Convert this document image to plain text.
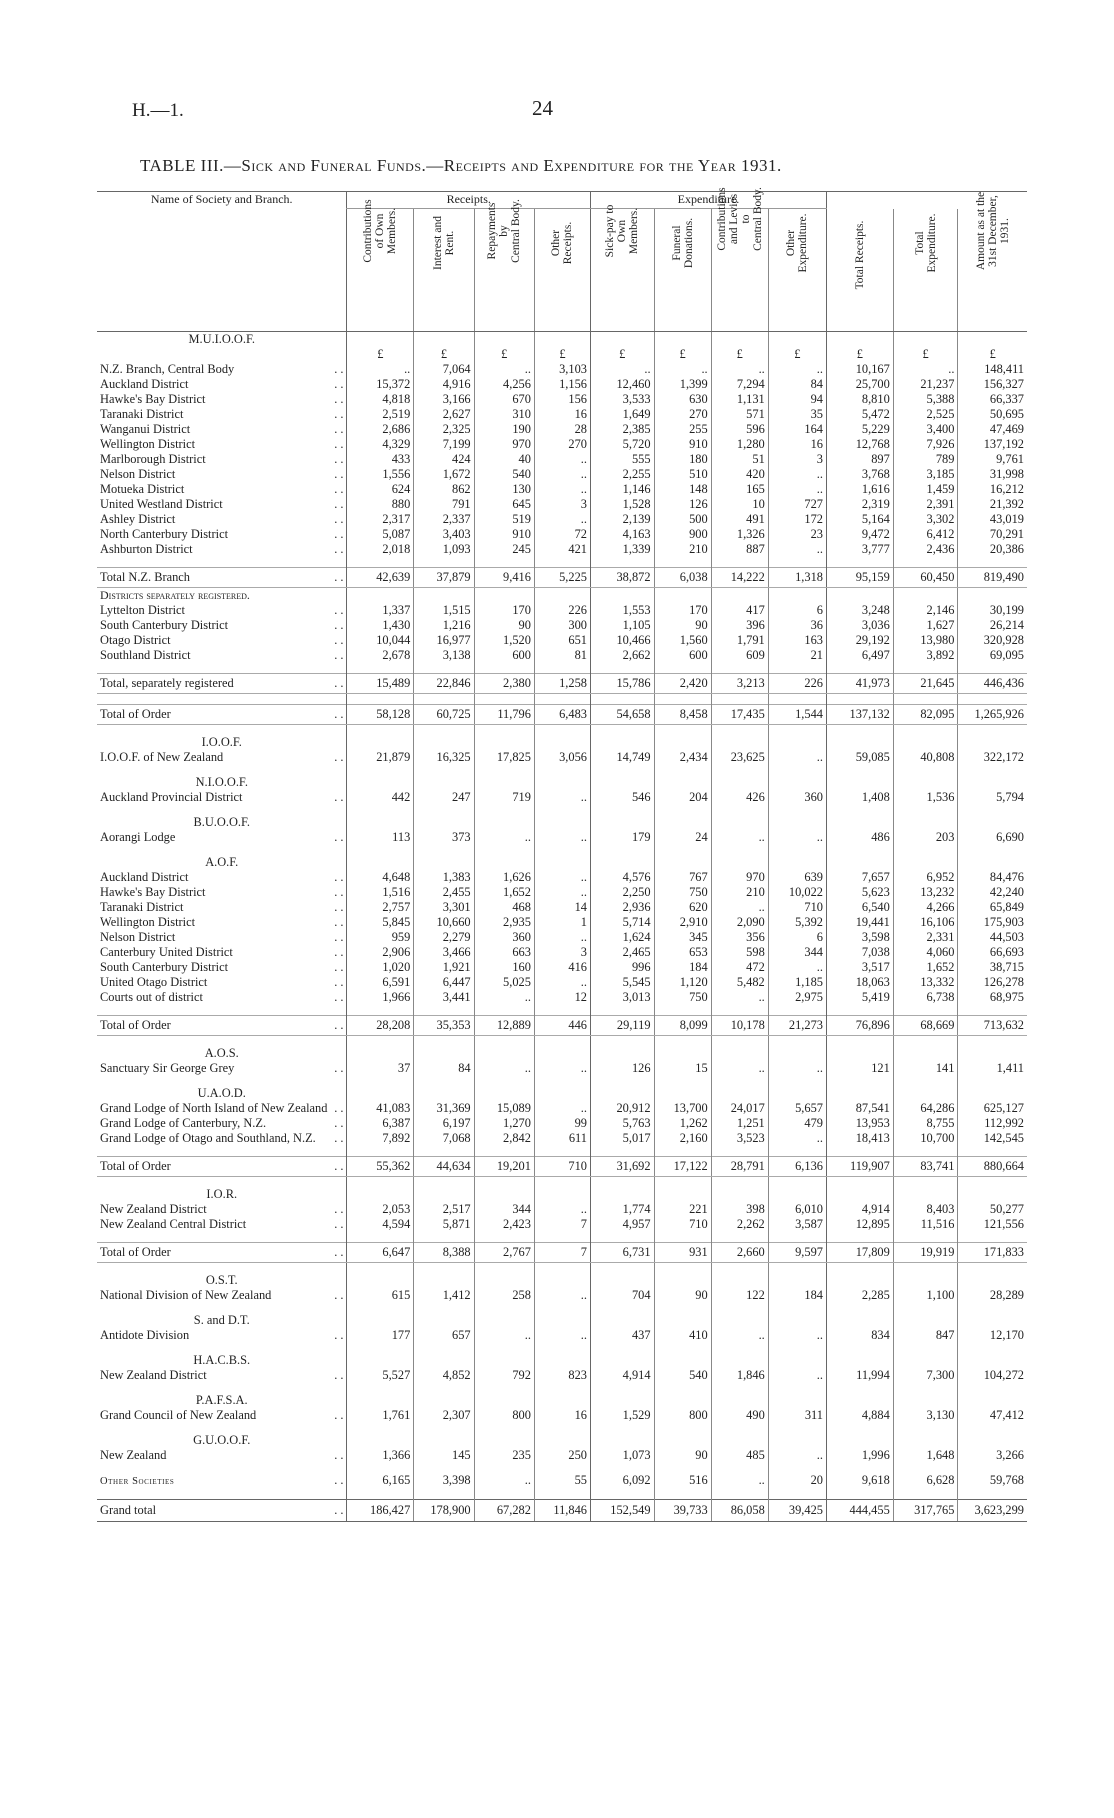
H.—1.	24
TABLE III.—Sick and Funeral Funds.—Receipts and Expenditure for the Year 1931.
Name of Society and Branch.	Receipts.				Expenditure.						

	Contributions
of Own
Members.	Interest and
Rent.	Repayments
by
Central Body.	Other
Receipts.	Sick-pay to
Own
Members.	Funeral
Donations.	Contributions
and Levies
to
Central Body.	Other
Expenditure.	Total Receipts.	Total
Expenditure.	Amount as at the
31st December,
1931.

M.U.I.O.O.F.											
	£	£	£	£	£	£	£	£	£	£	£

. .
N.Z. Branch, Central Body	..	7,064	..	3,103	..	..	..	..	10,167	..	148,411

. .
Auckland District	15,372	4,916	4,256	1,156	12,460	1,399	7,294	84	25,700	21,237	156,327

. .
Hawke's Bay District	4,818	3,166	670	156	3,533	630	1,131	94	8,810	5,388	66,337

. .
Taranaki District	2,519	2,627	310	16	1,649	270	571	35	5,472	2,525	50,695

. .
Wanganui District	2,686	2,325	190	28	2,385	255	596	164	5,229	3,400	47,469

. .
Wellington District	4,329	7,199	970	270	5,720	910	1,280	16	12,768	7,926	137,192

. .
Marlborough District	433	424	40	..	555	180	51	3	897	789	9,761

. .
Nelson District	1,556	1,672	540	..	2,255	510	420	..	3,768	3,185	31,998

. .
Motueka District	624	862	130	..	1,146	148	165	..	1,616	1,459	16,212

. .
United Westland District	880	791	645	3	1,528	126	10	727	2,319	2,391	21,392

. .
Ashley District	2,317	2,337	519	..	2,139	500	491	172	5,164	3,302	43,019

. .
North Canterbury District	5,087	3,403	910	72	4,163	900	1,326	23	9,472	6,412	70,291

. .
Ashburton District	2,018	1,093	245	421	1,339	210	887	..	3,777	2,436	20,386

. .
Total N.Z. Branch	42,639	37,879	9,416	5,225	38,872	6,038	14,222	1,318	95,159	60,450	819,490
Districts separately registered.											

. .
Lyttelton District	1,337	1,515	170	226	1,553	170	417	6	3,248	2,146	30,199

. .
South Canterbury District	1,430	1,216	90	300	1,105	90	396	36	3,036	1,627	26,214

. .
Otago District	10,044	16,977	1,520	651	10,466	1,560	1,791	163	29,192	13,980	320,928

. .
Southland District	2,678	3,138	600	81	2,662	600	609	21	6,497	3,892	69,095

. .
Total, separately registered	15,489	22,846	2,380	1,258	15,786	2,420	3,213	226	41,973	21,645	446,436

. .
Total of Order	58,128	60,725	11,796	6,483	54,658	8,458	17,435	1,544	137,132	82,095	1,265,926

I.O.O.F.											

. .
I.O.O.F. of New Zealand	21,879	16,325	17,825	3,056	14,749	2,434	23,625	..	59,085	40,808	322,172

N.I.O.O.F.											

. .
Auckland Provincial District	442	247	719	..	546	204	426	360	1,408	1,536	5,794

B.U.O.O.F.											

. .
Aorangi Lodge	113	373	..	..	179	24	..	..	486	203	6,690

A.O.F.											

. .
Auckland District	4,648	1,383	1,626	..	4,576	767	970	639	7,657	6,952	84,476

. .
Hawke's Bay District	1,516	2,455	1,652	..	2,250	750	210	10,022	5,623	13,232	42,240

. .
Taranaki District	2,757	3,301	468	14	2,936	620	..	710	6,540	4,266	65,849

. .
Wellington District	5,845	10,660	2,935	1	5,714	2,910	2,090	5,392	19,441	16,106	175,903

. .
Nelson District	959	2,279	360	..	1,624	345	356	6	3,598	2,331	44,503

. .
Canterbury United District	2,906	3,466	663	3	2,465	653	598	344	7,038	4,060	66,693

. .
South Canterbury District	1,020	1,921	160	416	996	184	472	..	3,517	1,652	38,715

. .
United Otago District	6,591	6,447	5,025	..	5,545	1,120	5,482	1,185	18,063	13,332	126,278

. .
Courts out of district	1,966	3,441	..	12	3,013	750	..	2,975	5,419	6,738	68,975

. .
Total of Order	28,208	35,353	12,889	446	29,119	8,099	10,178	21,273	76,896	68,669	713,632

A.O.S.											

. .
Sanctuary Sir George Grey	37	84	..	..	126	15	..	..	121	141	1,411

U.A.O.D.											

. .
Grand Lodge of North Island of New Zealand	41,083	31,369	15,089	..	20,912	13,700	24,017	5,657	87,541	64,286	625,127

. .
Grand Lodge of Canterbury, N.Z.	6,387	6,197	1,270	99	5,763	1,262	1,251	479	13,953	8,755	112,992

. .
Grand Lodge of Otago and Southland, N.Z.	7,892	7,068	2,842	611	5,017	2,160	3,523	..	18,413	10,700	142,545

. .
Total of Order	55,362	44,634	19,201	710	31,692	17,122	28,791	6,136	119,907	83,741	880,664

I.O.R.											

. .
New Zealand District	2,053	2,517	344	..	1,774	221	398	6,010	4,914	8,403	50,277

. .
New Zealand Central District	4,594	5,871	2,423	7	4,957	710	2,262	3,587	12,895	11,516	121,556

. .
Total of Order	6,647	8,388	2,767	7	6,731	931	2,660	9,597	17,809	19,919	171,833

O.S.T.											

. .
National Division of New Zealand	615	1,412	258	..	704	90	122	184	2,285	1,100	28,289

S. and D.T.											

. .
Antidote Division	177	657	..	..	437	410	..	..	834	847	12,170

H.A.C.B.S.											

. .
New Zealand District	5,527	4,852	792	823	4,914	540	1,846	..	11,994	7,300	104,272

P.A.F.S.A.											

. .
Grand Council of New Zealand	1,761	2,307	800	16	1,529	800	490	311	4,884	3,130	47,412

G.U.O.O.F.											

. .
New Zealand	1,366	145	235	250	1,073	90	485	..	1,996	1,648	3,266

. .
Other Societies	6,165	3,398	..	55	6,092	516	..	20	9,618	6,628	59,768

. .
Grand total	186,427	178,900	67,282	11,846	152,549	39,733	86,058	39,425	444,455	317,765	3,623,299
